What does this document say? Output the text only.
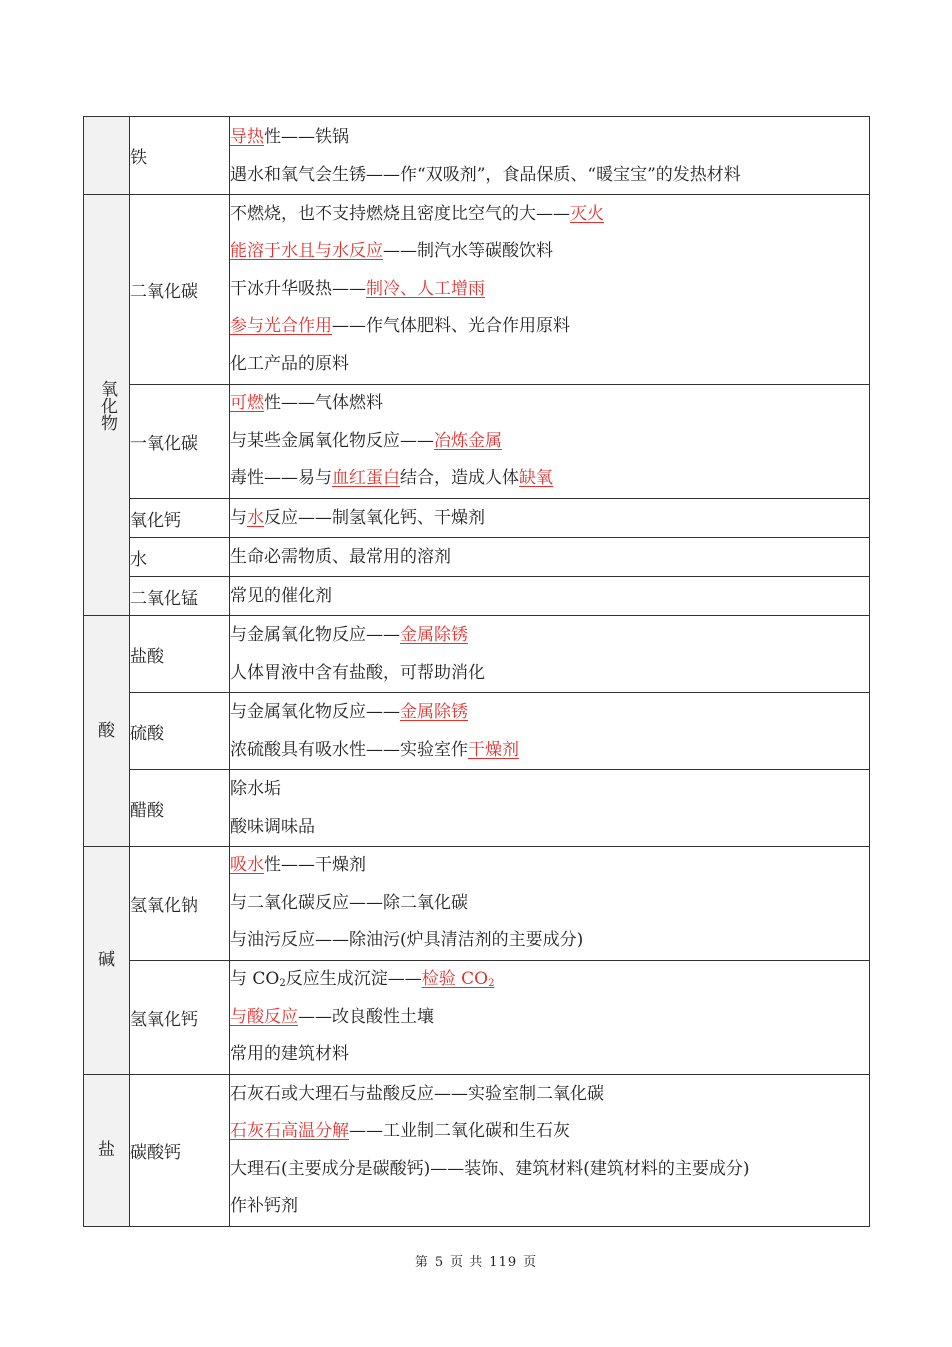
	铁	导热性——铁锅
遇水和氧气会生锈——作“双吸剂”，食品保质、“暖宝宝”的发热材料

氧化物	二氧化碳	不燃烧，也不支持燃烧且密度比空气的大——灭火
能溶于水且与水反应——制汽水等碳酸饮料
干冰升华吸热——制冷、人工增雨
参与光合作用——作气体肥料、光合作用原料
化工产品的原料

	一氧化碳	可燃性——气体燃料
与某些金属氧化物反应——冶炼金属
毒性——易与血红蛋白结合，造成人体缺氧

	氧化钙	与水反应——制氢氧化钙、干燥剂

	水	生命必需物质、最常用的溶剂

	二氧化锰	常见的催化剂

酸	盐酸	与金属氧化物反应——金属除锈
人体胃液中含有盐酸，可帮助消化

	硫酸	与金属氧化物反应——金属除锈
浓硫酸具有吸水性——实验室作干燥剂

	醋酸	除水垢
酸味调味品

碱	氢氧化钠	吸水性——干燥剂
与二氧化碳反应——除二氧化碳
与油污反应——除油污(炉具清洁剂的主要成分)

	氢氧化钙	与 CO2反应生成沉淀——检验 CO2
与酸反应——改良酸性土壤
常用的建筑材料

盐	碳酸钙	石灰石或大理石与盐酸反应——实验室制二氧化碳
石灰石高温分解——工业制二氧化碳和生石灰
大理石(主要成分是碳酸钙)——装饰、建筑材料(建筑材料的主要成分)
作补钙剂
第 5 页 共 119 页
